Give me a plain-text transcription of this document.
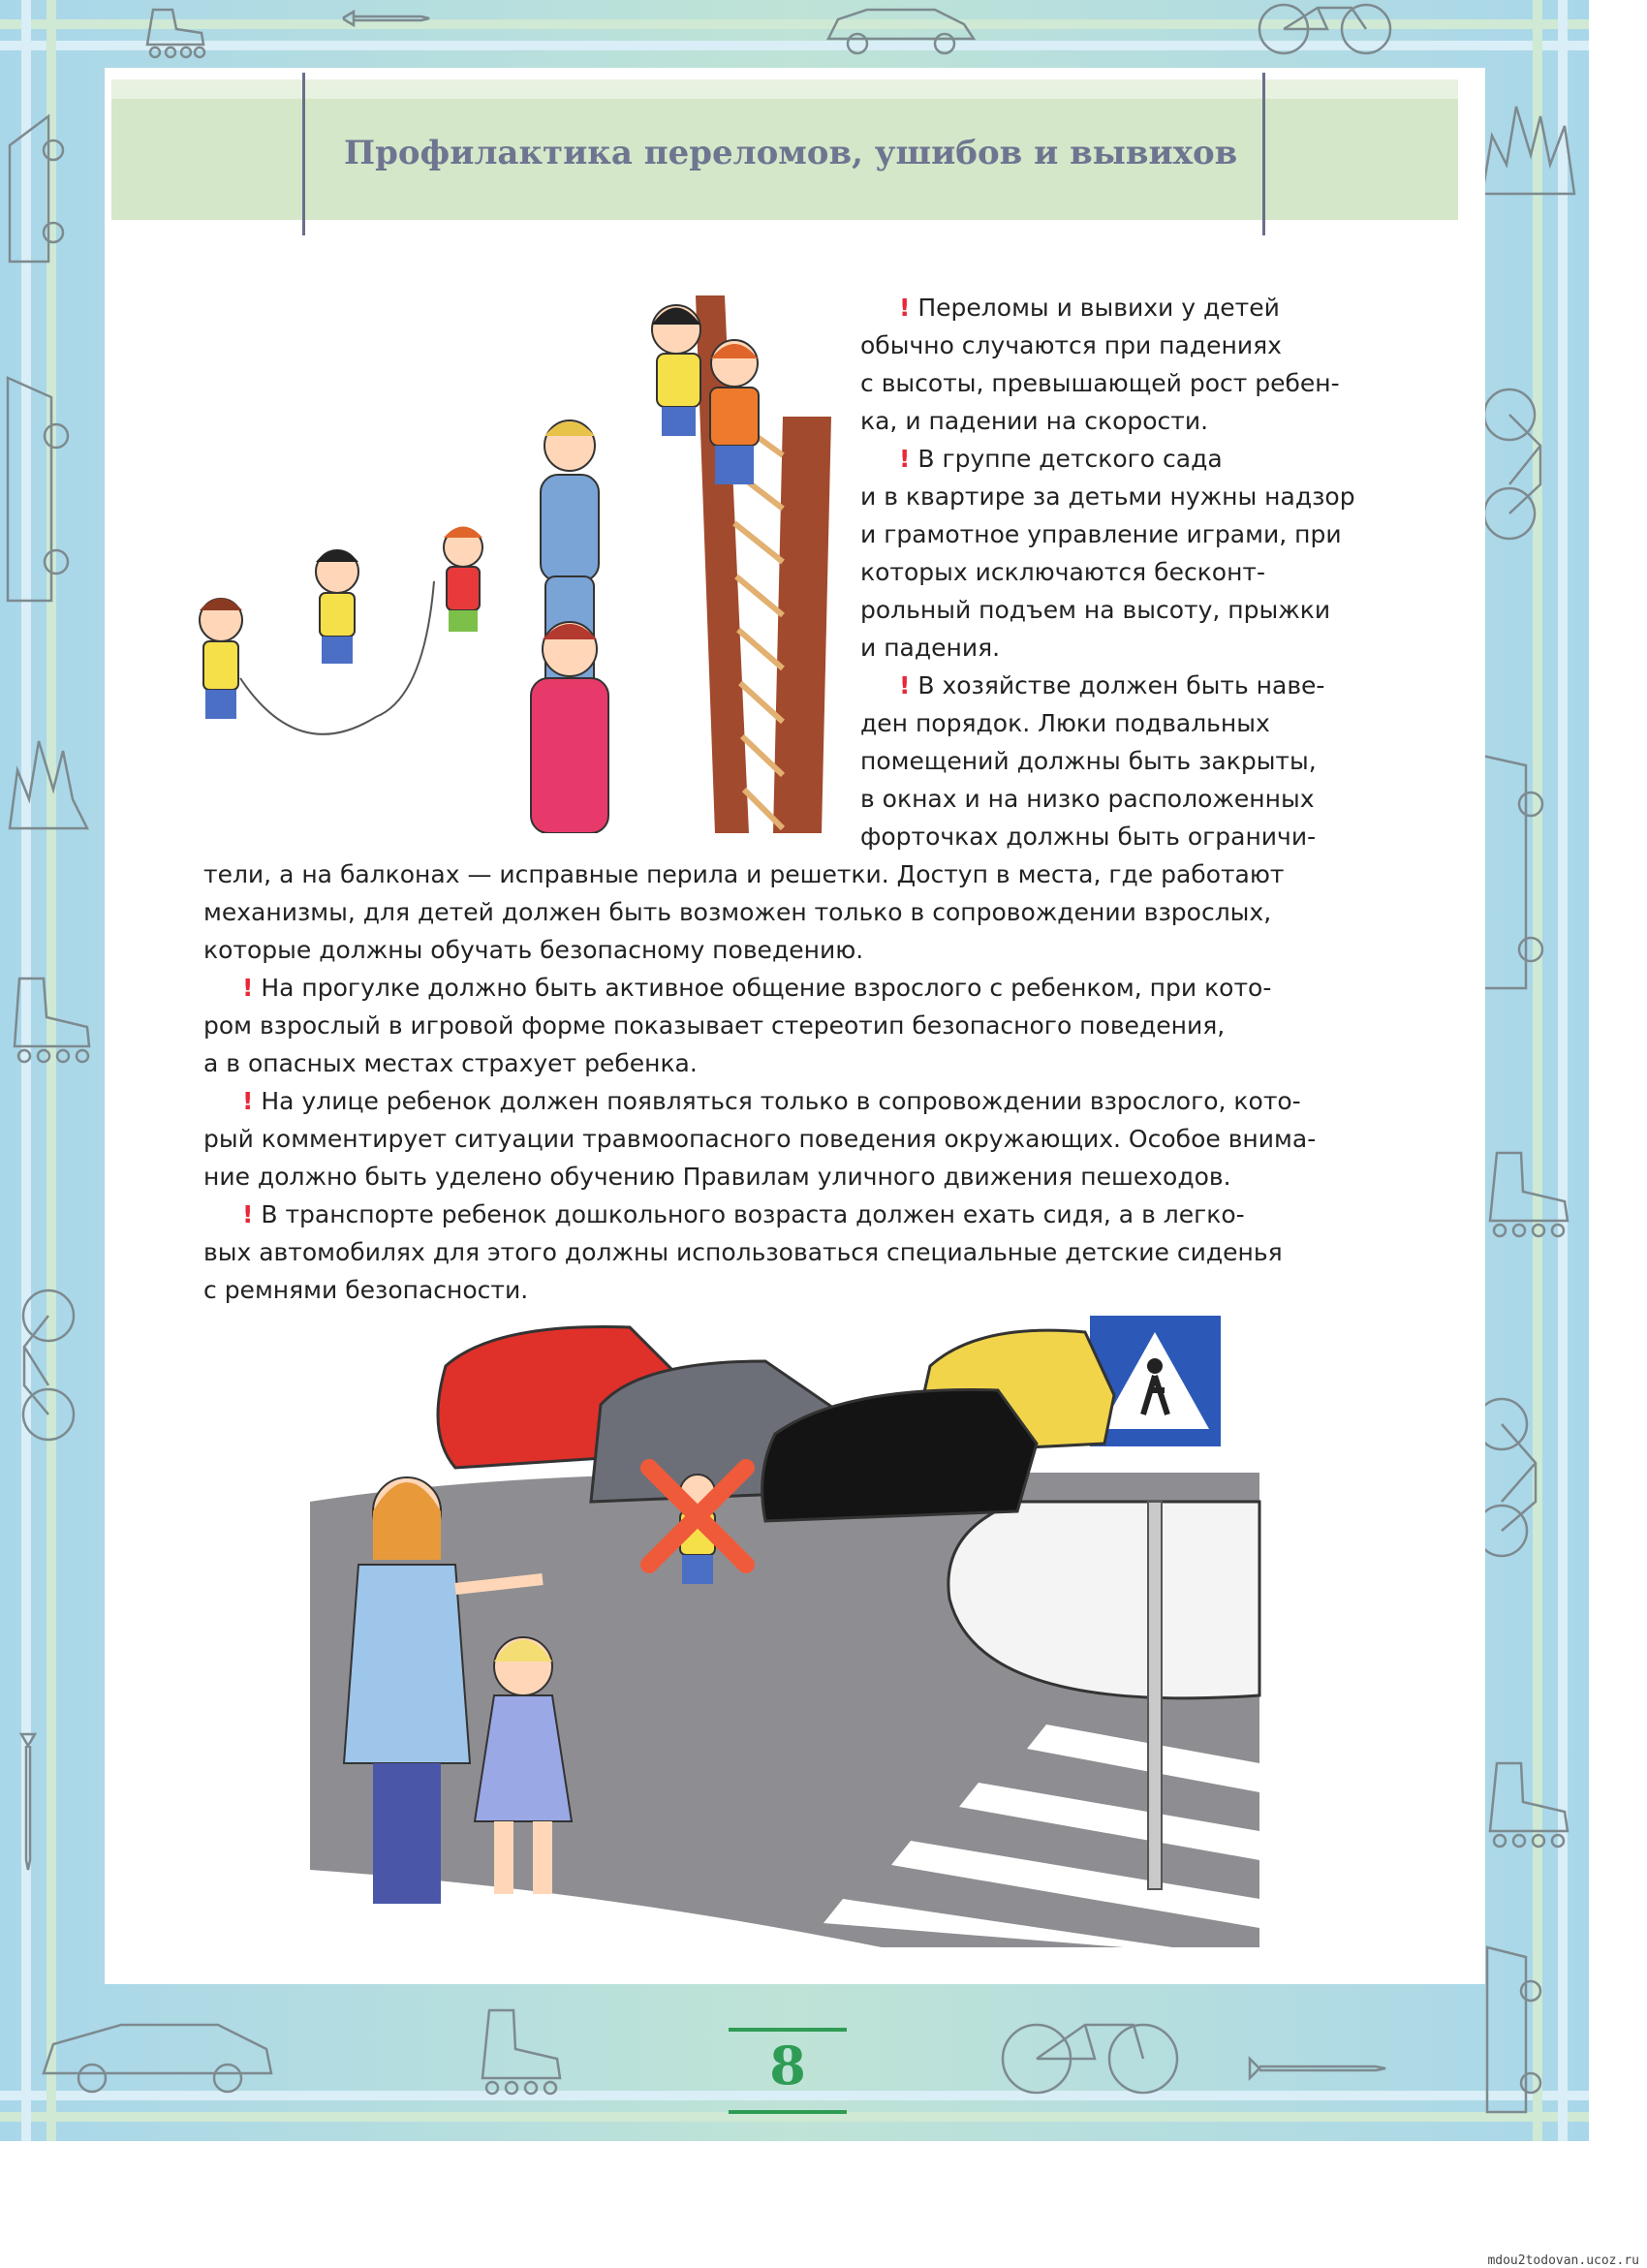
Профилактика переломов, ушибов и вывихов

! Переломы и вывихи у детей
обычно случаются при падениях
с высоты, превышающей рост ребен-
ка, и падении на скорости.

! В группе детского сада
и в квартире за детьми нужны надзор
и грамотное управление играми, при
которых исключаются бесконт-
рольный подъем на высоту, прыжки
и падения.

! В хозяйстве должен быть наве-
ден порядок. Люки подвальных
помещений должны быть закрыты,
в окнах и на низко расположенных
форточках должны быть ограничи-

тели, а на балконах — исправные перила и решетки. Доступ в места, где работают
механизмы, для детей должен быть возможен только в сопровождении взрослых,
которые должны обучать безопасному поведению.

! На прогулке должно быть активное общение взрослого с ребенком, при кото-
ром взрослый в игровой форме показывает стереотип безопасного поведения,
а в опасных местах страхует ребенка.

! На улице ребенок должен появляться только в сопровождении взрослого, кото-
рый комментирует ситуации травмоопасного поведения окружающих. Особое внима-
ние должно быть уделено обучению Правилам уличного движения пешеходов.

! В транспорте ребенок дошкольного возраста должен ехать сидя, а в легко-
вых автомобилях для этого должны использоваться специальные детские сиденья
с ремнями безопасности.

8
mdou2todovan.ucoz.ru
